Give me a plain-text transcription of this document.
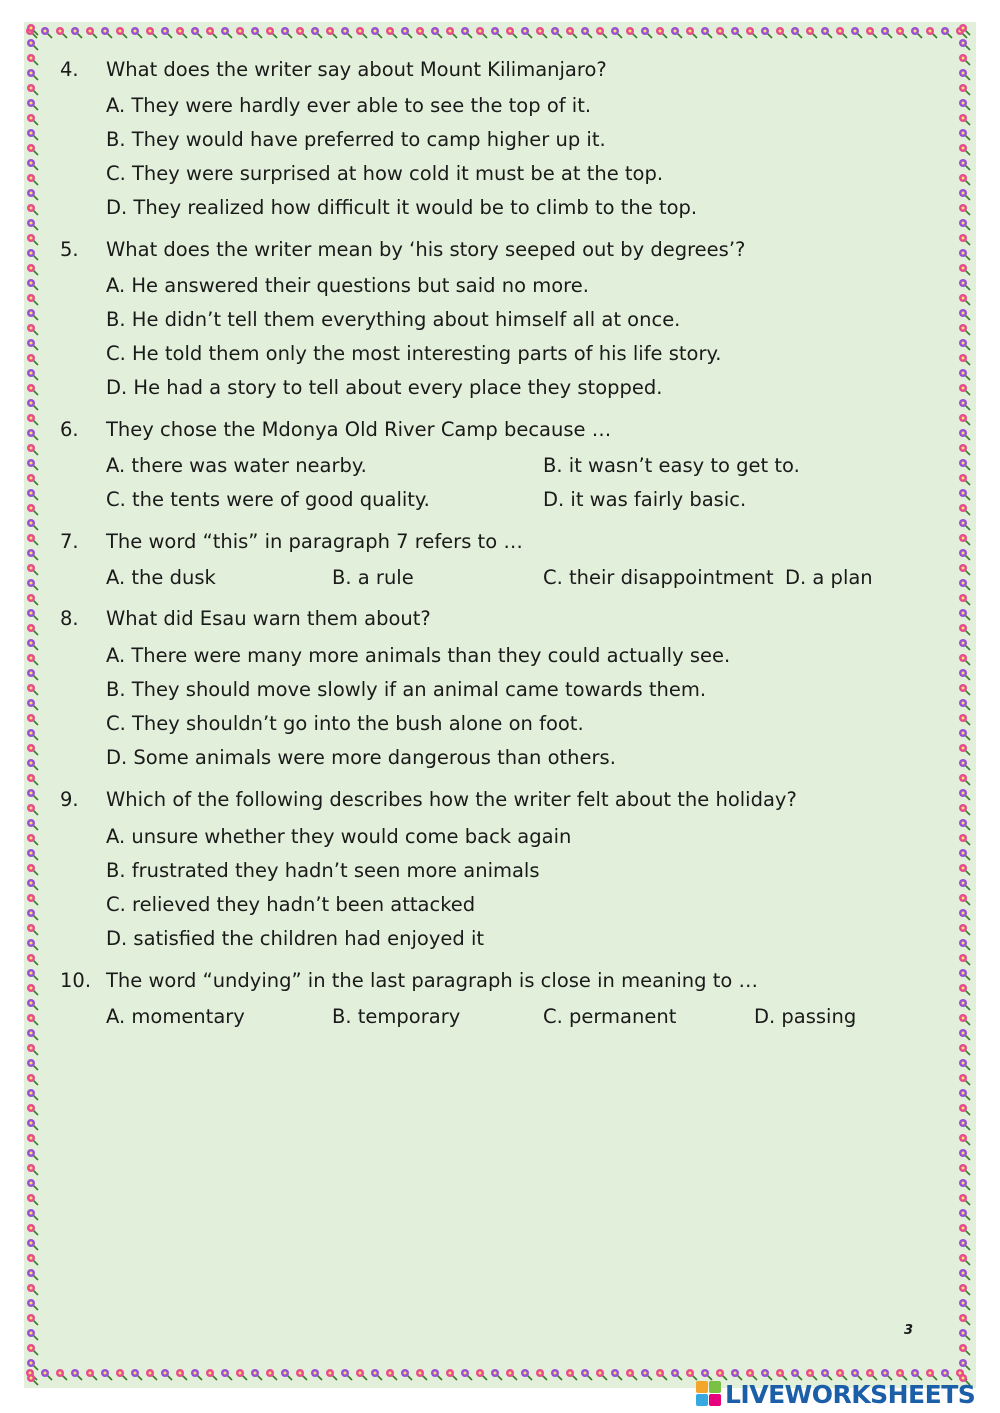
4. What does the writer say about Mount Kilimanjaro?
A. They were hardly ever able to see the top of it.
B. They would have preferred to camp higher up it.
C. They were surprised at how cold it must be at the top.
D. They realized how difficult it would be to climb to the top.
5. What does the writer mean by ‘his story seeped out by degrees’?
A. He answered their questions but said no more.
B. He didn’t tell them everything about himself all at once.
C. He told them only the most interesting parts of his life story.
D. He had a story to tell about every place they stopped.
6. They chose the Mdonya Old River Camp because …
A. there was water nearby.	B. it wasn’t easy to get to.
C. the tents were of good quality.	D. it was fairly basic.
7. The word “this” in paragraph 7 refers to …
A. the dusk	B. a rule	C. their disappointment D. a plan
8. What did Esau warn them about?
A. There were many more animals than they could actually see.
B. They should move slowly if an animal came towards them.
C. They shouldn’t go into the bush alone on foot.
D. Some animals were more dangerous than others.
9. Which of the following describes how the writer felt about the holiday?
A. unsure whether they would come back again
B. frustrated they hadn’t seen more animals
C. relieved they hadn’t been attacked
D. satisfied the children had enjoyed it
10. The word “undying” in the last paragraph is close in meaning to …
A. momentary	B. temporary	C. permanent	D. passing
3
LIVEWORKSHEETS
